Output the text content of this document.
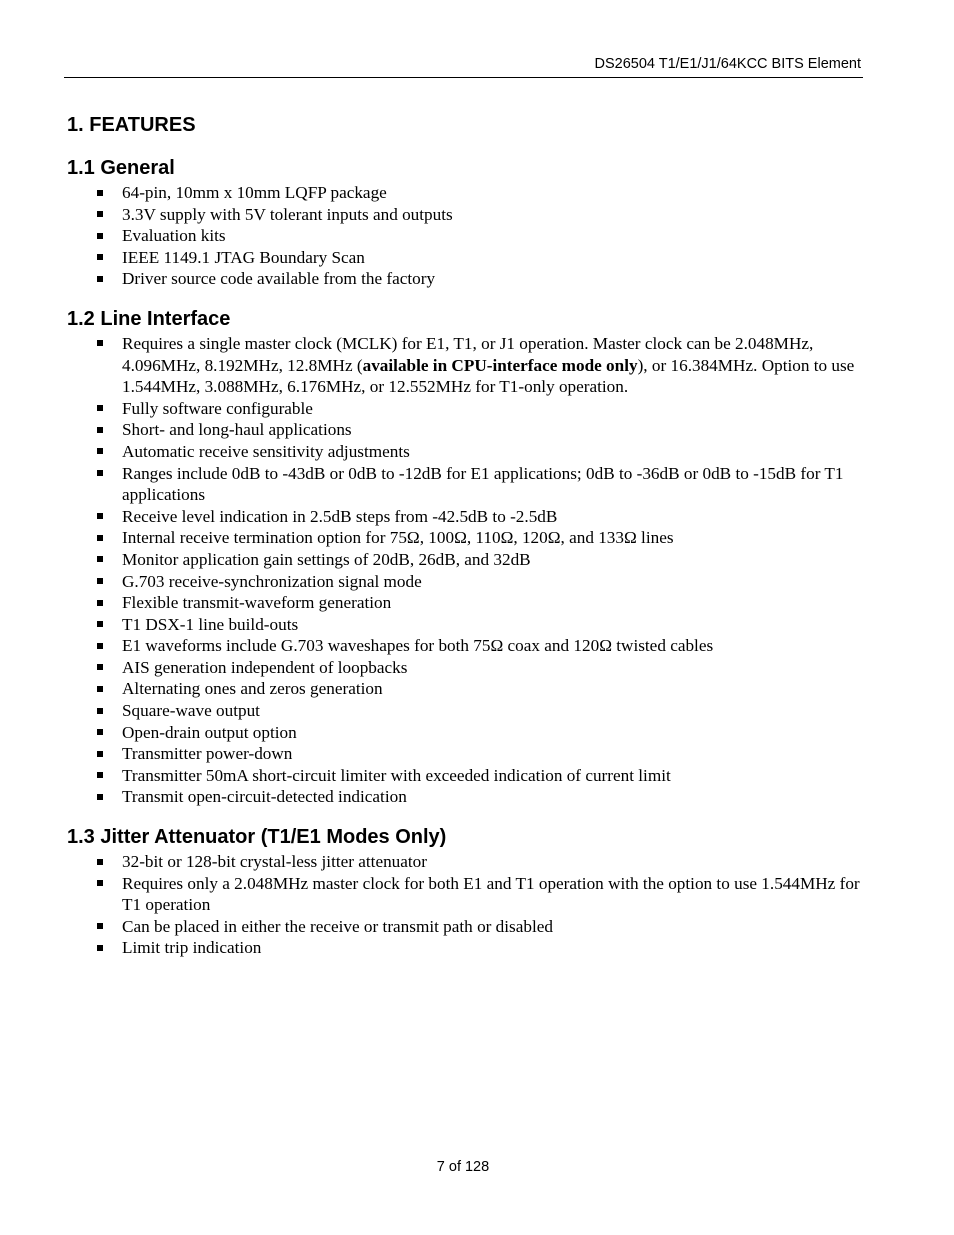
DS26504 T1/E1/J1/64KCC BITS Element
1. FEATURES
1.1 General
64-pin, 10mm x 10mm LQFP package
3.3V supply with 5V tolerant inputs and outputs
Evaluation kits
IEEE 1149.1 JTAG Boundary Scan
Driver source code available from the factory
1.2 Line Interface
Requires a single master clock (MCLK) for E1, T1, or J1 operation. Master clock can be 2.048MHz, 4.096MHz, 8.192MHz, 12.8MHz (available in CPU-interface mode only), or 16.384MHz. Option to use 1.544MHz, 3.088MHz, 6.176MHz, or 12.552MHz for T1-only operation.
Fully software configurable
Short- and long-haul applications
Automatic receive sensitivity adjustments
Ranges include 0dB to -43dB or 0dB to -12dB for E1 applications; 0dB to -36dB or 0dB to -15dB for T1 applications
Receive level indication in 2.5dB steps from -42.5dB to -2.5dB
Internal receive termination option for 75Ω, 100Ω, 110Ω, 120Ω, and 133Ω lines
Monitor application gain settings of 20dB, 26dB, and 32dB
G.703 receive-synchronization signal mode
Flexible transmit-waveform generation
T1 DSX-1 line build-outs
E1 waveforms include G.703 waveshapes for both 75Ω coax and 120Ω twisted cables
AIS generation independent of loopbacks
Alternating ones and zeros generation
Square-wave output
Open-drain output option
Transmitter power-down
Transmitter 50mA short-circuit limiter with exceeded indication of current limit
Transmit open-circuit-detected indication
1.3 Jitter Attenuator (T1/E1 Modes Only)
32-bit or 128-bit crystal-less jitter attenuator
Requires only a 2.048MHz master clock for both E1 and T1 operation with the option to use 1.544MHz for T1 operation
Can be placed in either the receive or transmit path or disabled
Limit trip indication
7 of 128
